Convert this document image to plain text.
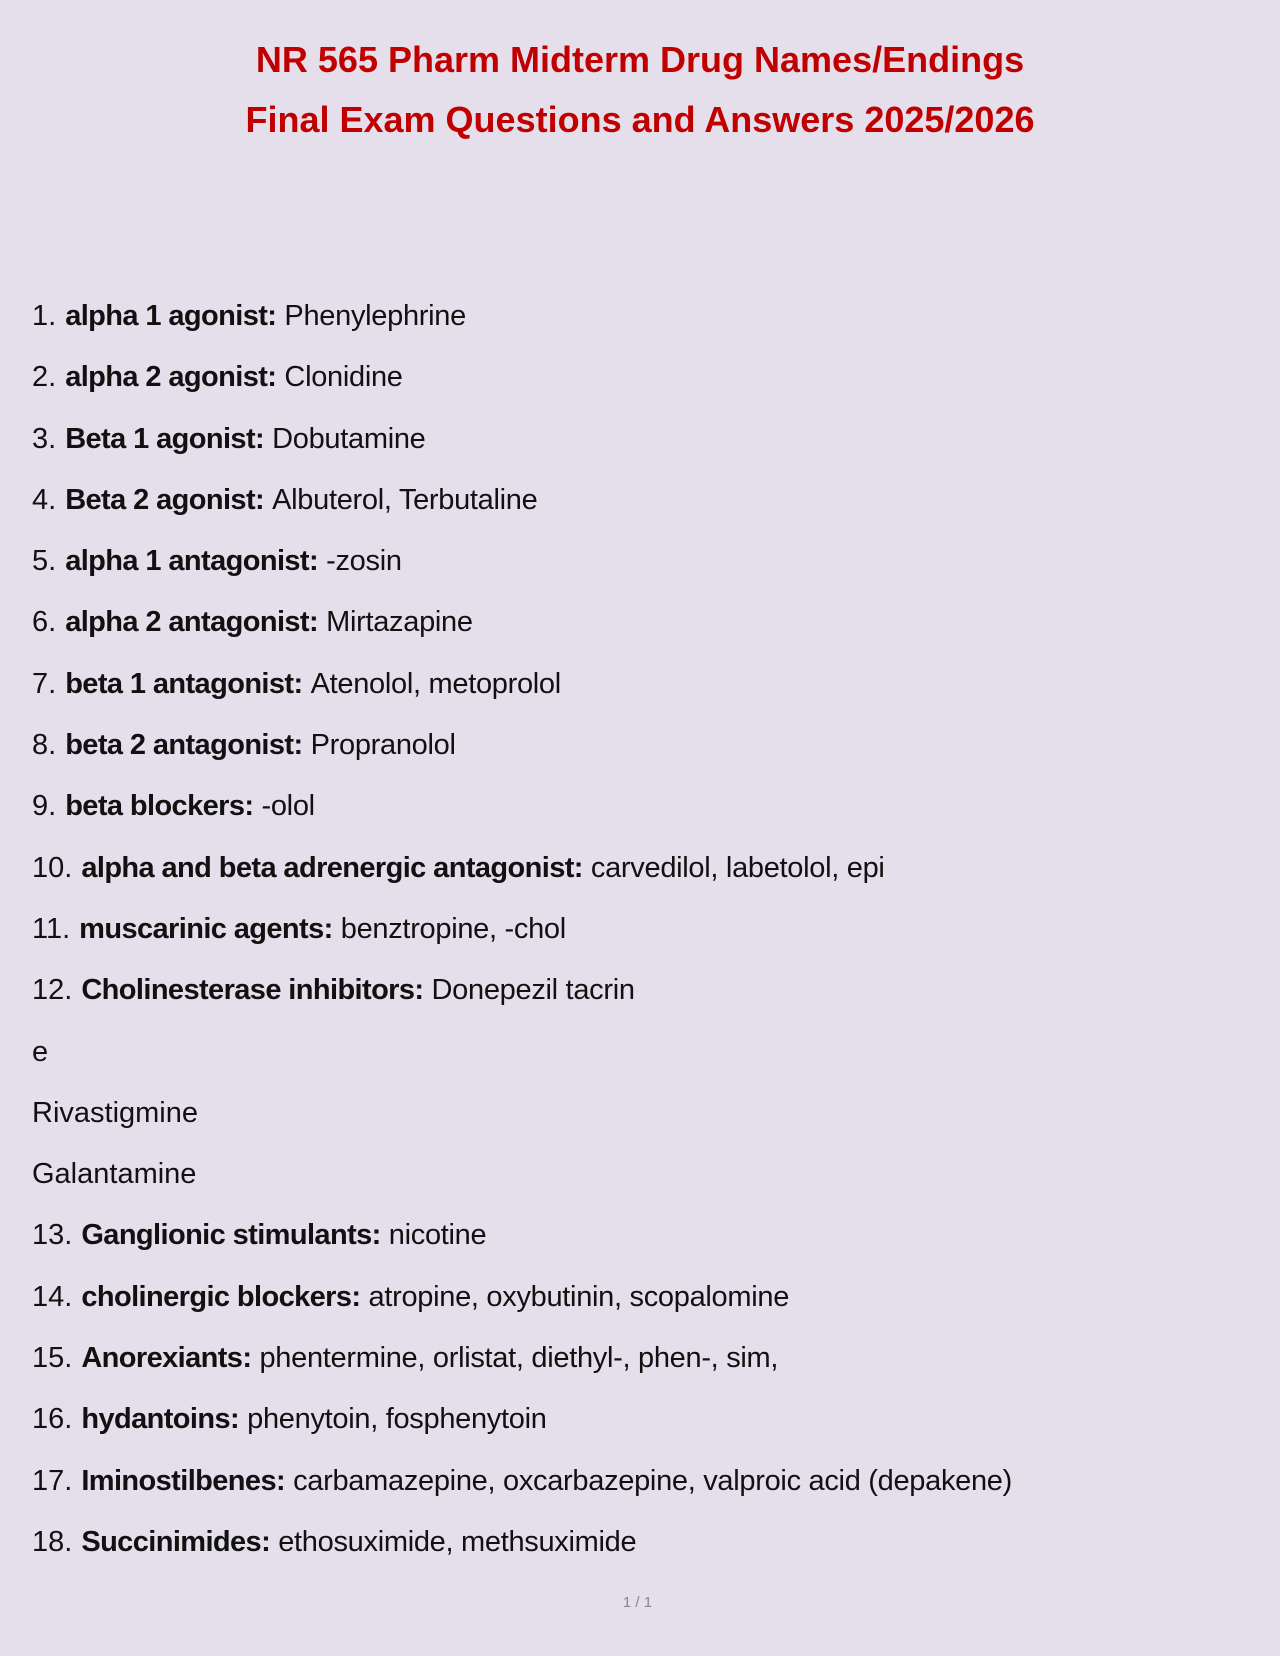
NR 565 Pharm Midterm Drug Names/Endings
Final Exam Questions and Answers 2025/2026
1. alpha 1 agonist: Phenylephrine
2. alpha 2 agonist: Clonidine
3. Beta 1 agonist: Dobutamine
4. Beta 2 agonist: Albuterol, Terbutaline
5. alpha 1 antagonist: -zosin
6. alpha 2 antagonist: Mirtazapine
7. beta 1 antagonist: Atenolol, metoprolol
8. beta 2 antagonist: Propranolol
9. beta blockers: -olol
10. alpha and beta adrenergic antagonist: carvedilol, labetolol, epi
11. muscarinic agents: benztropine, -chol
12. Cholinesterase inhibitors: Donepezil tacrin
e
Rivastigmine
Galantamine
13. Ganglionic stimulants: nicotine
14. cholinergic blockers: atropine, oxybutinin, scopalomine
15. Anorexiants: phentermine, orlistat, diethyl-, phen-, sim,
16. hydantoins: phenytoin, fosphenytoin
17. Iminostilbenes: carbamazepine, oxcarbazepine, valproic acid (depakene)
18. Succinimides: ethosuximide, methsuximide
1 / 1
